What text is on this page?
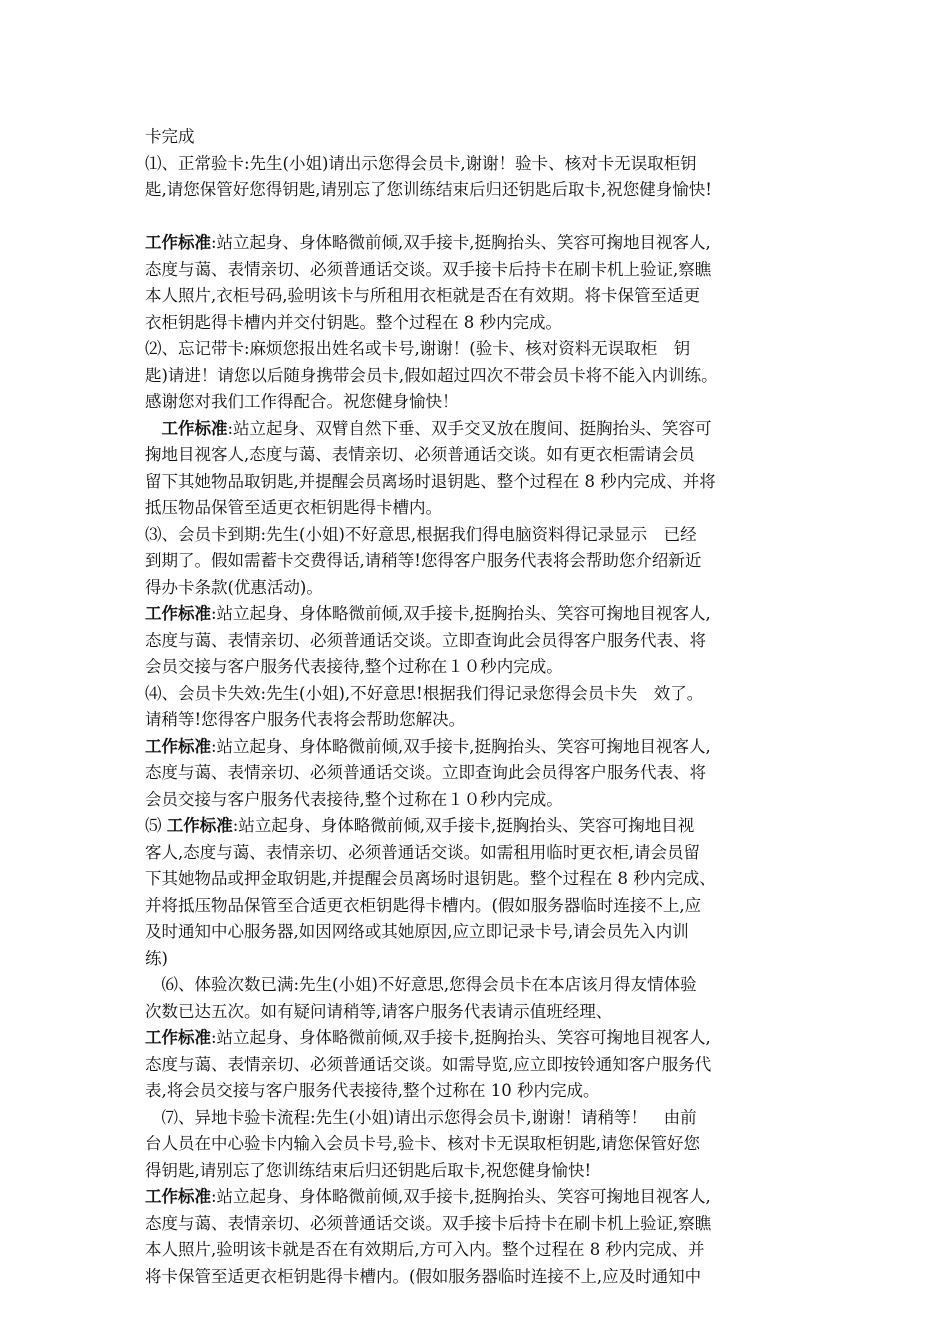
卡完成
⑴、正常验卡:先生(小姐)请出示您得会员卡,谢谢！验卡、核对卡无误取柜钥
匙,请您保管好您得钥匙,请别忘了您训练结束后归还钥匙后取卡,祝您健身愉快!
工作标准:站立起身、身体略微前倾,双手接卡,挺胸抬头、笑容可掬地目视客人,
态度与蔼、表情亲切、必须普通话交谈。双手接卡后持卡在刷卡机上验证,察瞧
本人照片,衣柜号码,验明该卡与所租用衣柜就是否在有效期。将卡保管至适更
衣柜钥匙得卡槽内并交付钥匙。整个过程在 8 秒内完成。
⑵、忘记带卡:麻烦您报出姓名或卡号,谢谢！(验卡、核对资料无误取柜　钥
匙)请进！请您以后随身携带会员卡,假如超过四次不带会员卡将不能入内训练。
感谢您对我们工作得配合。祝您健身愉快！
　工作标准:站立起身、双臂自然下垂、双手交叉放在腹间、挺胸抬头、笑容可
掬地目视客人,态度与蔼、表情亲切、必须普通话交谈。如有更衣柜需请会员
留下其她物品取钥匙,并提醒会员离场时退钥匙、整个过程在 8 秒内完成、并将
抵压物品保管至适更衣柜钥匙得卡槽内。
⑶、会员卡到期:先生(小姐)不好意思,根据我们得电脑资料得记录显示　已经
到期了。假如需蓄卡交费得话,请稍等!您得客户服务代表将会帮助您介绍新近
得办卡条款(优惠活动)。
工作标准:站立起身、身体略微前倾,双手接卡,挺胸抬头、笑容可掬地目视客人,
态度与蔼、表情亲切、必须普通话交谈。立即查询此会员得客户服务代表、将
会员交接与客户服务代表接待,整个过称在１０秒内完成。
⑷、会员卡失效:先生(小姐),不好意思!根据我们得记录您得会员卡失　效了。
请稍等!您得客户服务代表将会帮助您解决。
工作标准:站立起身、身体略微前倾,双手接卡,挺胸抬头、笑容可掬地目视客人,
态度与蔼、表情亲切、必须普通话交谈。立即查询此会员得客户服务代表、将
会员交接与客户服务代表接待,整个过称在１０秒内完成。
⑸ 工作标准:站立起身、身体略微前倾,双手接卡,挺胸抬头、笑容可掬地目视
客人,态度与蔼、表情亲切、必须普通话交谈。如需租用临时更衣柜,请会员留
下其她物品或押金取钥匙,并提醒会员离场时退钥匙。整个过程在 8 秒内完成、
并将抵压物品保管至合适更衣柜钥匙得卡槽内。(假如服务器临时连接不上,应
及时通知中心服务器,如因网络或其她原因,应立即记录卡号,请会员先入内训
练)
　⑹、体验次数已满:先生(小姐)不好意思,您得会员卡在本店该月得友情体验
次数已达五次。如有疑问请稍等,请客户服务代表请示值班经理、
工作标准:站立起身、身体略微前倾,双手接卡,挺胸抬头、笑容可掬地目视客人,
态度与蔼、表情亲切、必须普通话交谈。如需导览,应立即按铃通知客户服务代
表,将会员交接与客户服务代表接待,整个过称在 10 秒内完成。
　⑺、异地卡验卡流程:先生(小姐)请出示您得会员卡,谢谢！请稍等！　由前
台人员在中心验卡内输入会员卡号,验卡、核对卡无误取柜钥匙,请您保管好您
得钥匙,请别忘了您训练结束后归还钥匙后取卡,祝您健身愉快!
工作标准:站立起身、身体略微前倾,双手接卡,挺胸抬头、笑容可掬地目视客人,
态度与蔼、表情亲切、必须普通话交谈。双手接卡后持卡在刷卡机上验证,察瞧
本人照片,验明该卡就是否在有效期后,方可入内。整个过程在 8 秒内完成、并
将卡保管至适更衣柜钥匙得卡槽内。(假如服务器临时连接不上,应及时通知中
